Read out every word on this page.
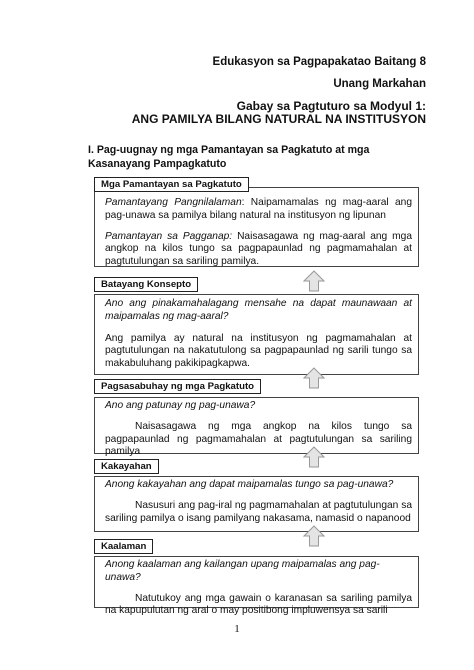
Edukasyon sa Pagpapakatao Baitang 8
Unang Markahan
Gabay sa Pagtuturo sa Modyul 1:
ANG PAMILYA BILANG NATURAL NA INSTITUSYON
I. Pag-uugnay ng mga Pamantayan sa Pagkatuto at mga Kasanayang Pampagkatuto

Pamantayang Pangnilalaman: Naipamamalas ng mag-aaral ang pag-unawa sa pamilya bilang natural na institusyon ng lipunan

Pamantayan sa Pagganap: Naisasagawa ng mag-aaral ang mga angkop na kilos tungo sa pagpapaunlad ng pagmamahalan at pagtutulungan sa sariling pamilya.

Mga Pamantayan sa Pagkatuto

Ano ang pinakamahalagang mensahe na dapat maunawaan at maipamalas ng mag-aaral?

Ang pamilya ay natural na institusyon ng pagmamahalan at pagtutulungan na nakatutulong sa pagpapaunlad ng sarili tungo sa makabuluhang pakikipagkapwa.

Batayang Konsepto

Ano ang patunay ng pag-unawa?

Naisasagawa ng mga angkop na kilos tungo sa pagpapaunlad ng pagmamahalan at pagtutulungan sa sariling pamilya

Pagsasabuhay ng mga Pagkatuto

Anong kakayahan ang dapat maipamalas tungo sa pag-unawa?

Nasusuri ang pag-iral ng pagmamahalan at pagtutulungan sa sariling pamilya o isang pamilyang nakasama, namasid o napanood

Kakayahan

Anong kaalaman ang kailangan upang maipamalas ang pag-unawa?

Natutukoy ang mga gawain o karanasan sa sariling pamilya na kapupulutan ng aral o may positibong impluwensya sa sarili

Kaalaman
1
